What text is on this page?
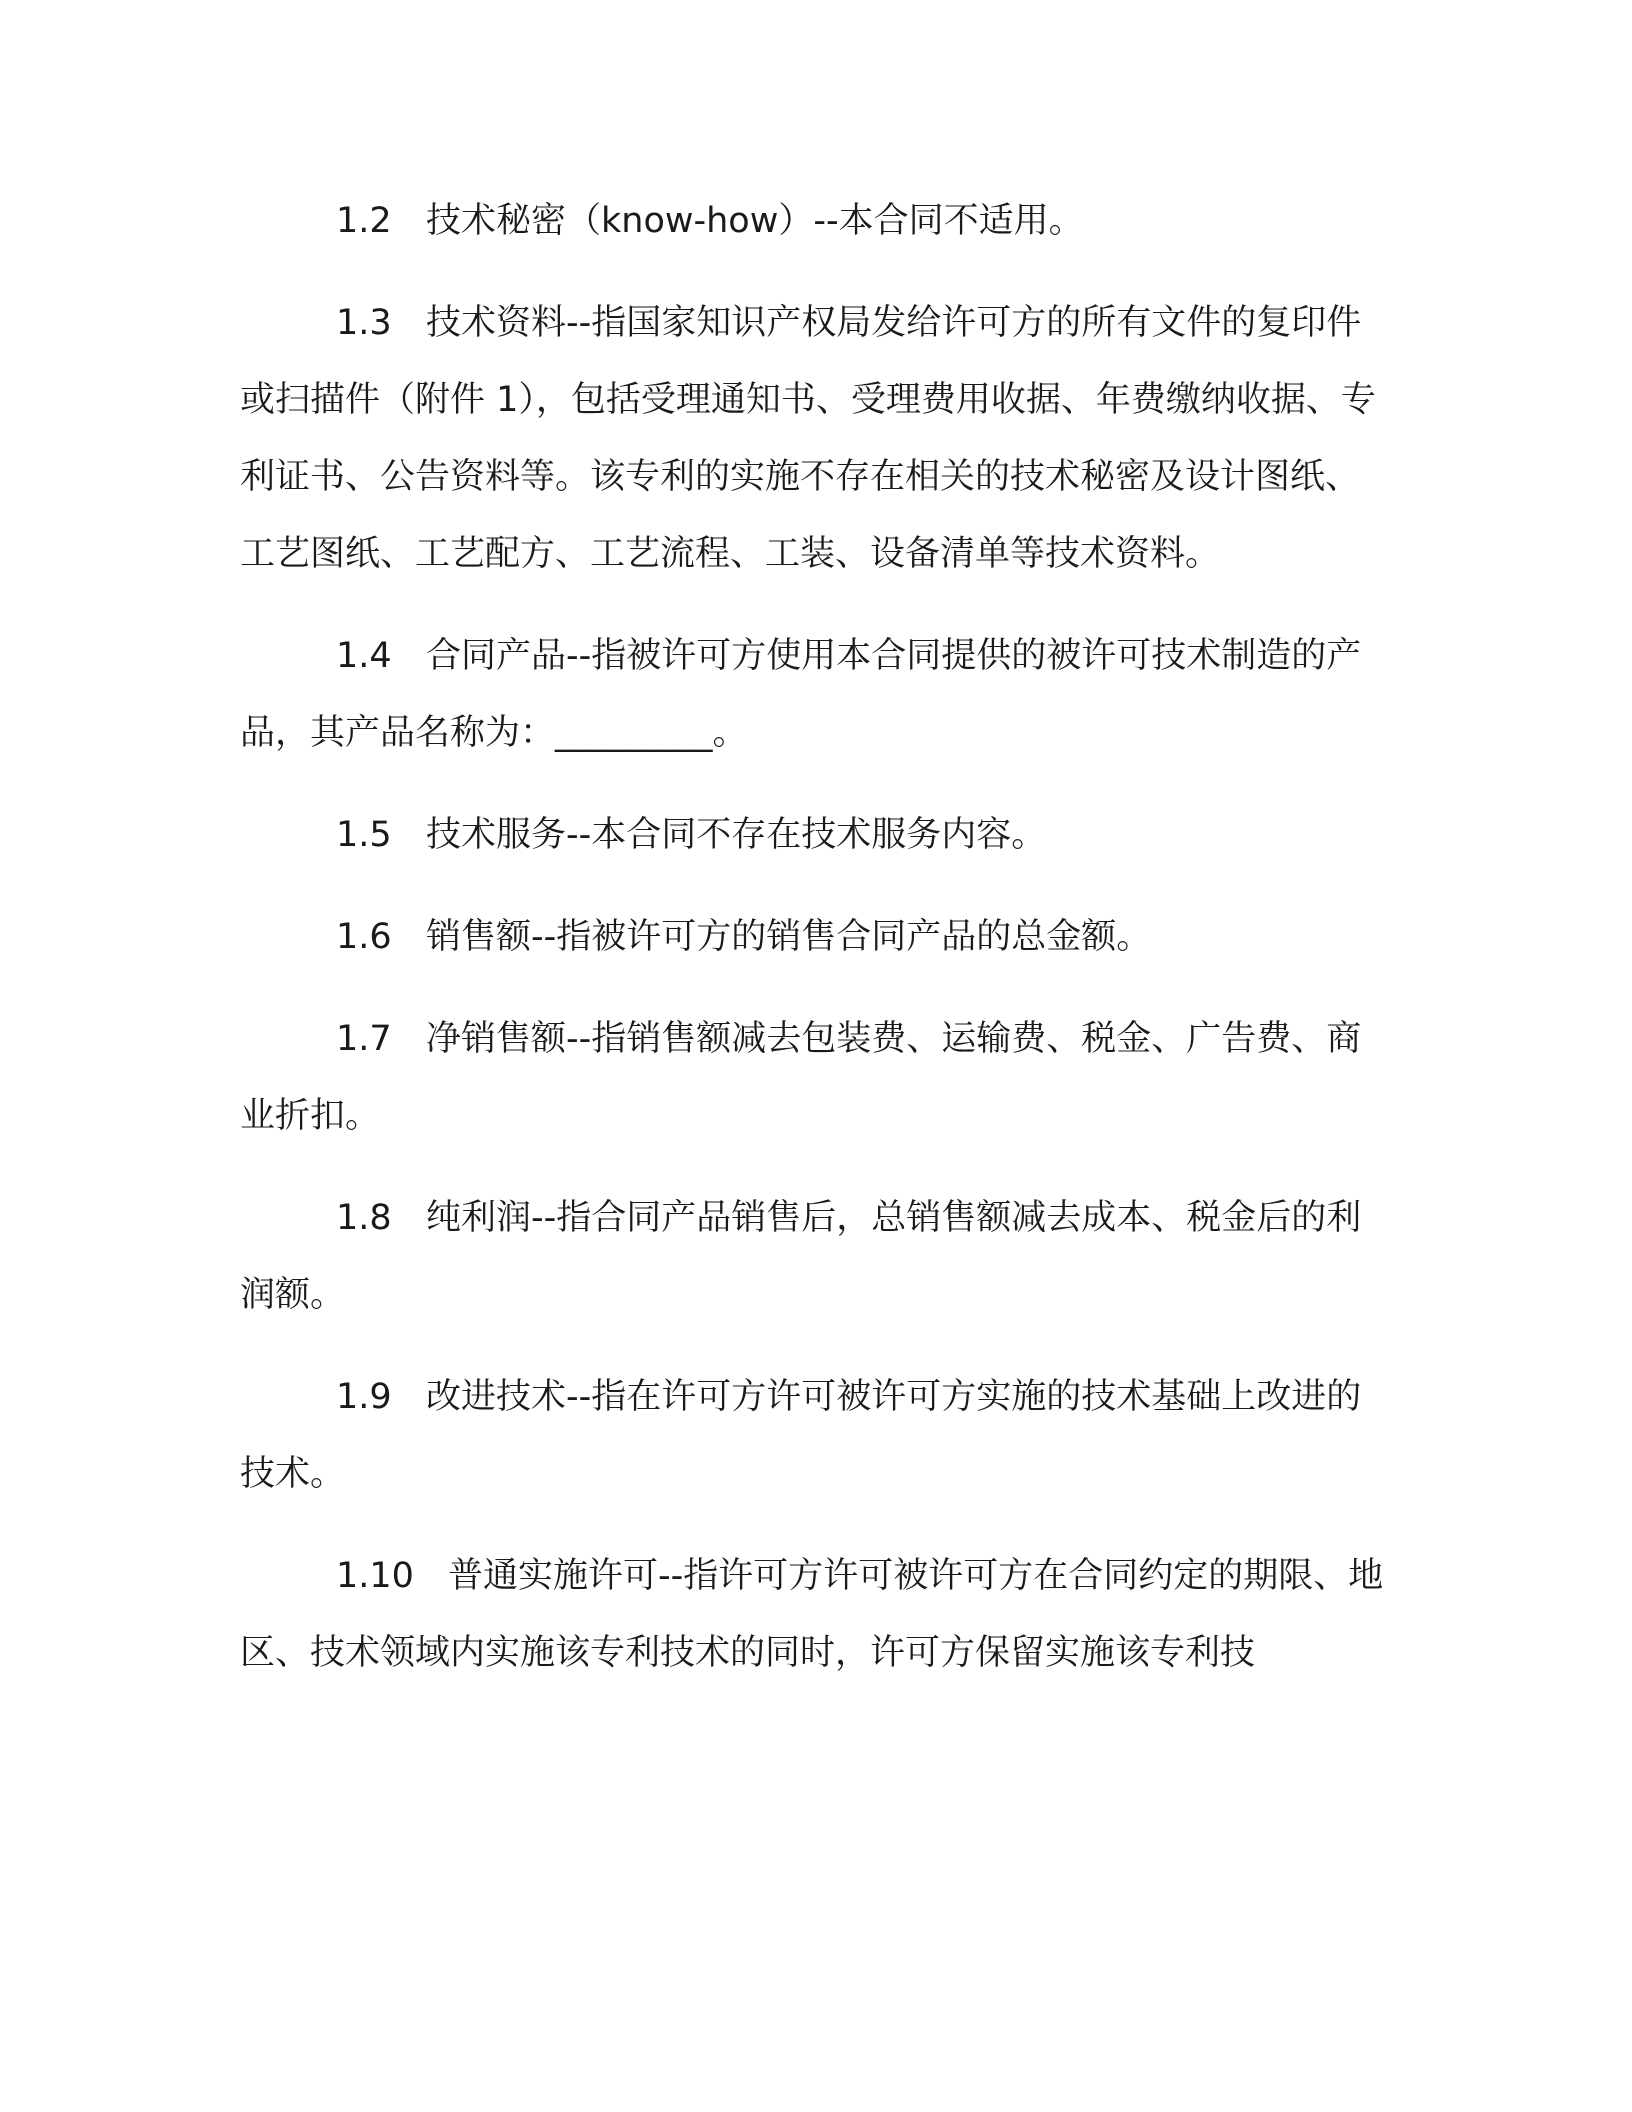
1.2 技术秘密（know-how）--本合同不适用。

1.3 技术资料--指国家知识产权局发给许可方的所有文件的复印件或扫描件（附件 1），包括受理通知书、受理费用收据、年费缴纳收据、专利证书、公告资料等。该专利的实施不存在相关的技术秘密及设计图纸、工艺图纸、工艺配方、工艺流程、工装、设备清单等技术资料。

1.4 合同产品--指被许可方使用本合同提供的被许可技术制造的产品，其产品名称为：_________。

1.5 技术服务--本合同不存在技术服务内容。

1.6 销售额--指被许可方的销售合同产品的总金额。

1.7 净销售额--指销售额减去包装费、运输费、税金、广告费、商业折扣。

1.8 纯利润--指合同产品销售后，总销售额减去成本、税金后的利润额。

1.9 改进技术--指在许可方许可被许可方实施的技术基础上改进的技术。

1.10 普通实施许可--指许可方许可被许可方在合同约定的期限、地区、技术领域内实施该专利技术的同时，许可方保留实施该专利技
